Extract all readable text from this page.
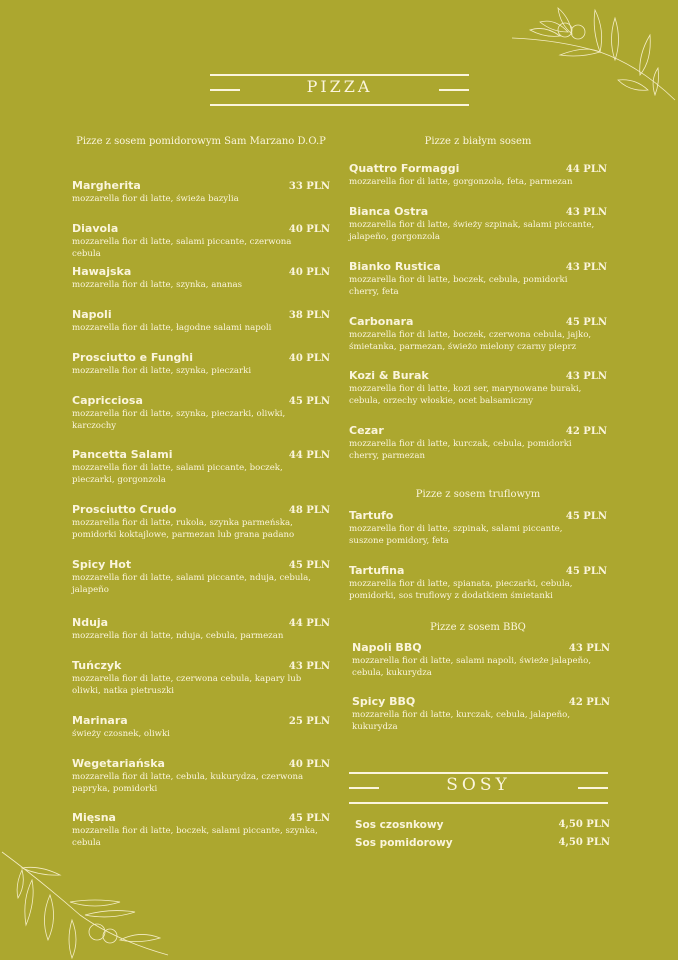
PIZZA
Pizze z sosem pomidorowym Sam Marzano D.O.P
Margherita	33 PLN
mozzarella fior di latte, świeża bazylia
Diavola	40 PLN
mozzarella fior di latte, salami piccante, czerwona cebula
Hawajska	40 PLN
mozzarella fior di latte, szynka, ananas
Napoli	38 PLN
mozzarella fior di latte, łagodne salami napoli
Prosciutto e Funghi	40 PLN
mozzarella fior di latte, szynka, pieczarki
Capricciosa	45 PLN
mozzarella fior di latte, szynka, pieczarki, oliwki, karczochy
Pancetta Salami	44 PLN
mozzarella fior di latte, salami piccante, boczek, pieczarki, gorgonzola
Prosciutto Crudo	48 PLN
mozzarella fior di latte, rukola, szynka parmeńska, pomidorki koktajlowe, parmezan lub grana padano
Spicy Hot	45 PLN
mozzarella fior di latte, salami piccante, nduja, cebula, jalapeño
Nduja	44 PLN
mozzarella fior di latte, nduja, cebula, parmezan
Tuńczyk	43 PLN
mozzarella fior di latte, czerwona cebula, kapary lub oliwki, natka pietruszki
Marinara	25 PLN
świeży czosnek, oliwki
Wegetariańska	40 PLN
mozzarella fior di latte, cebula, kukurydza, czerwona papryka, pomidorki
Mięsna	45 PLN
mozzarella fior di latte, boczek, salami piccante, szynka, cebula
Pizze z białym sosem
Quattro Formaggi	44 PLN
mozzarella fior di latte, gorgonzola, feta, parmezan
Bianca Ostra	43 PLN
mozzarella fior di latte, świeży szpinak, salami piccante, jalapeño, gorgonzola
Bianko Rustica	43 PLN
mozzarella fior di latte, boczek, cebula, pomidorki cherry, feta
Carbonara	45 PLN
mozzarella fior di latte, boczek, czerwona cebula, jajko, śmietanka, parmezan, świeżo mielony czarny pieprz
Kozi & Burak	43 PLN
mozzarella fior di latte, kozi ser, marynowane buraki, cebula, orzechy włoskie, ocet balsamiczny
Cezar	42 PLN
mozzarella fior di latte, kurczak, cebula, pomidorki cherry, parmezan
Pizze z sosem truflowym
Tartufo	45 PLN
mozzarella fior di latte, szpinak, salami piccante, suszone pomidory, feta
Tartufina	45 PLN
mozzarella fior di latte, spianata, pieczarki, cebula, pomidorki, sos truflowy z dodatkiem śmietanki
Pizze z sosem BBQ
Napoli BBQ	43 PLN
mozzarella fior di latte, salami napoli, świeże jalapeño, cebula, kukurydza
Spicy BBQ	42 PLN
mozzarella fior di latte, kurczak, cebula, jalapeño, kukurydza
SOSY
Sos czosnkowy	4,50 PLN
Sos pomidorowy	4,50 PLN
